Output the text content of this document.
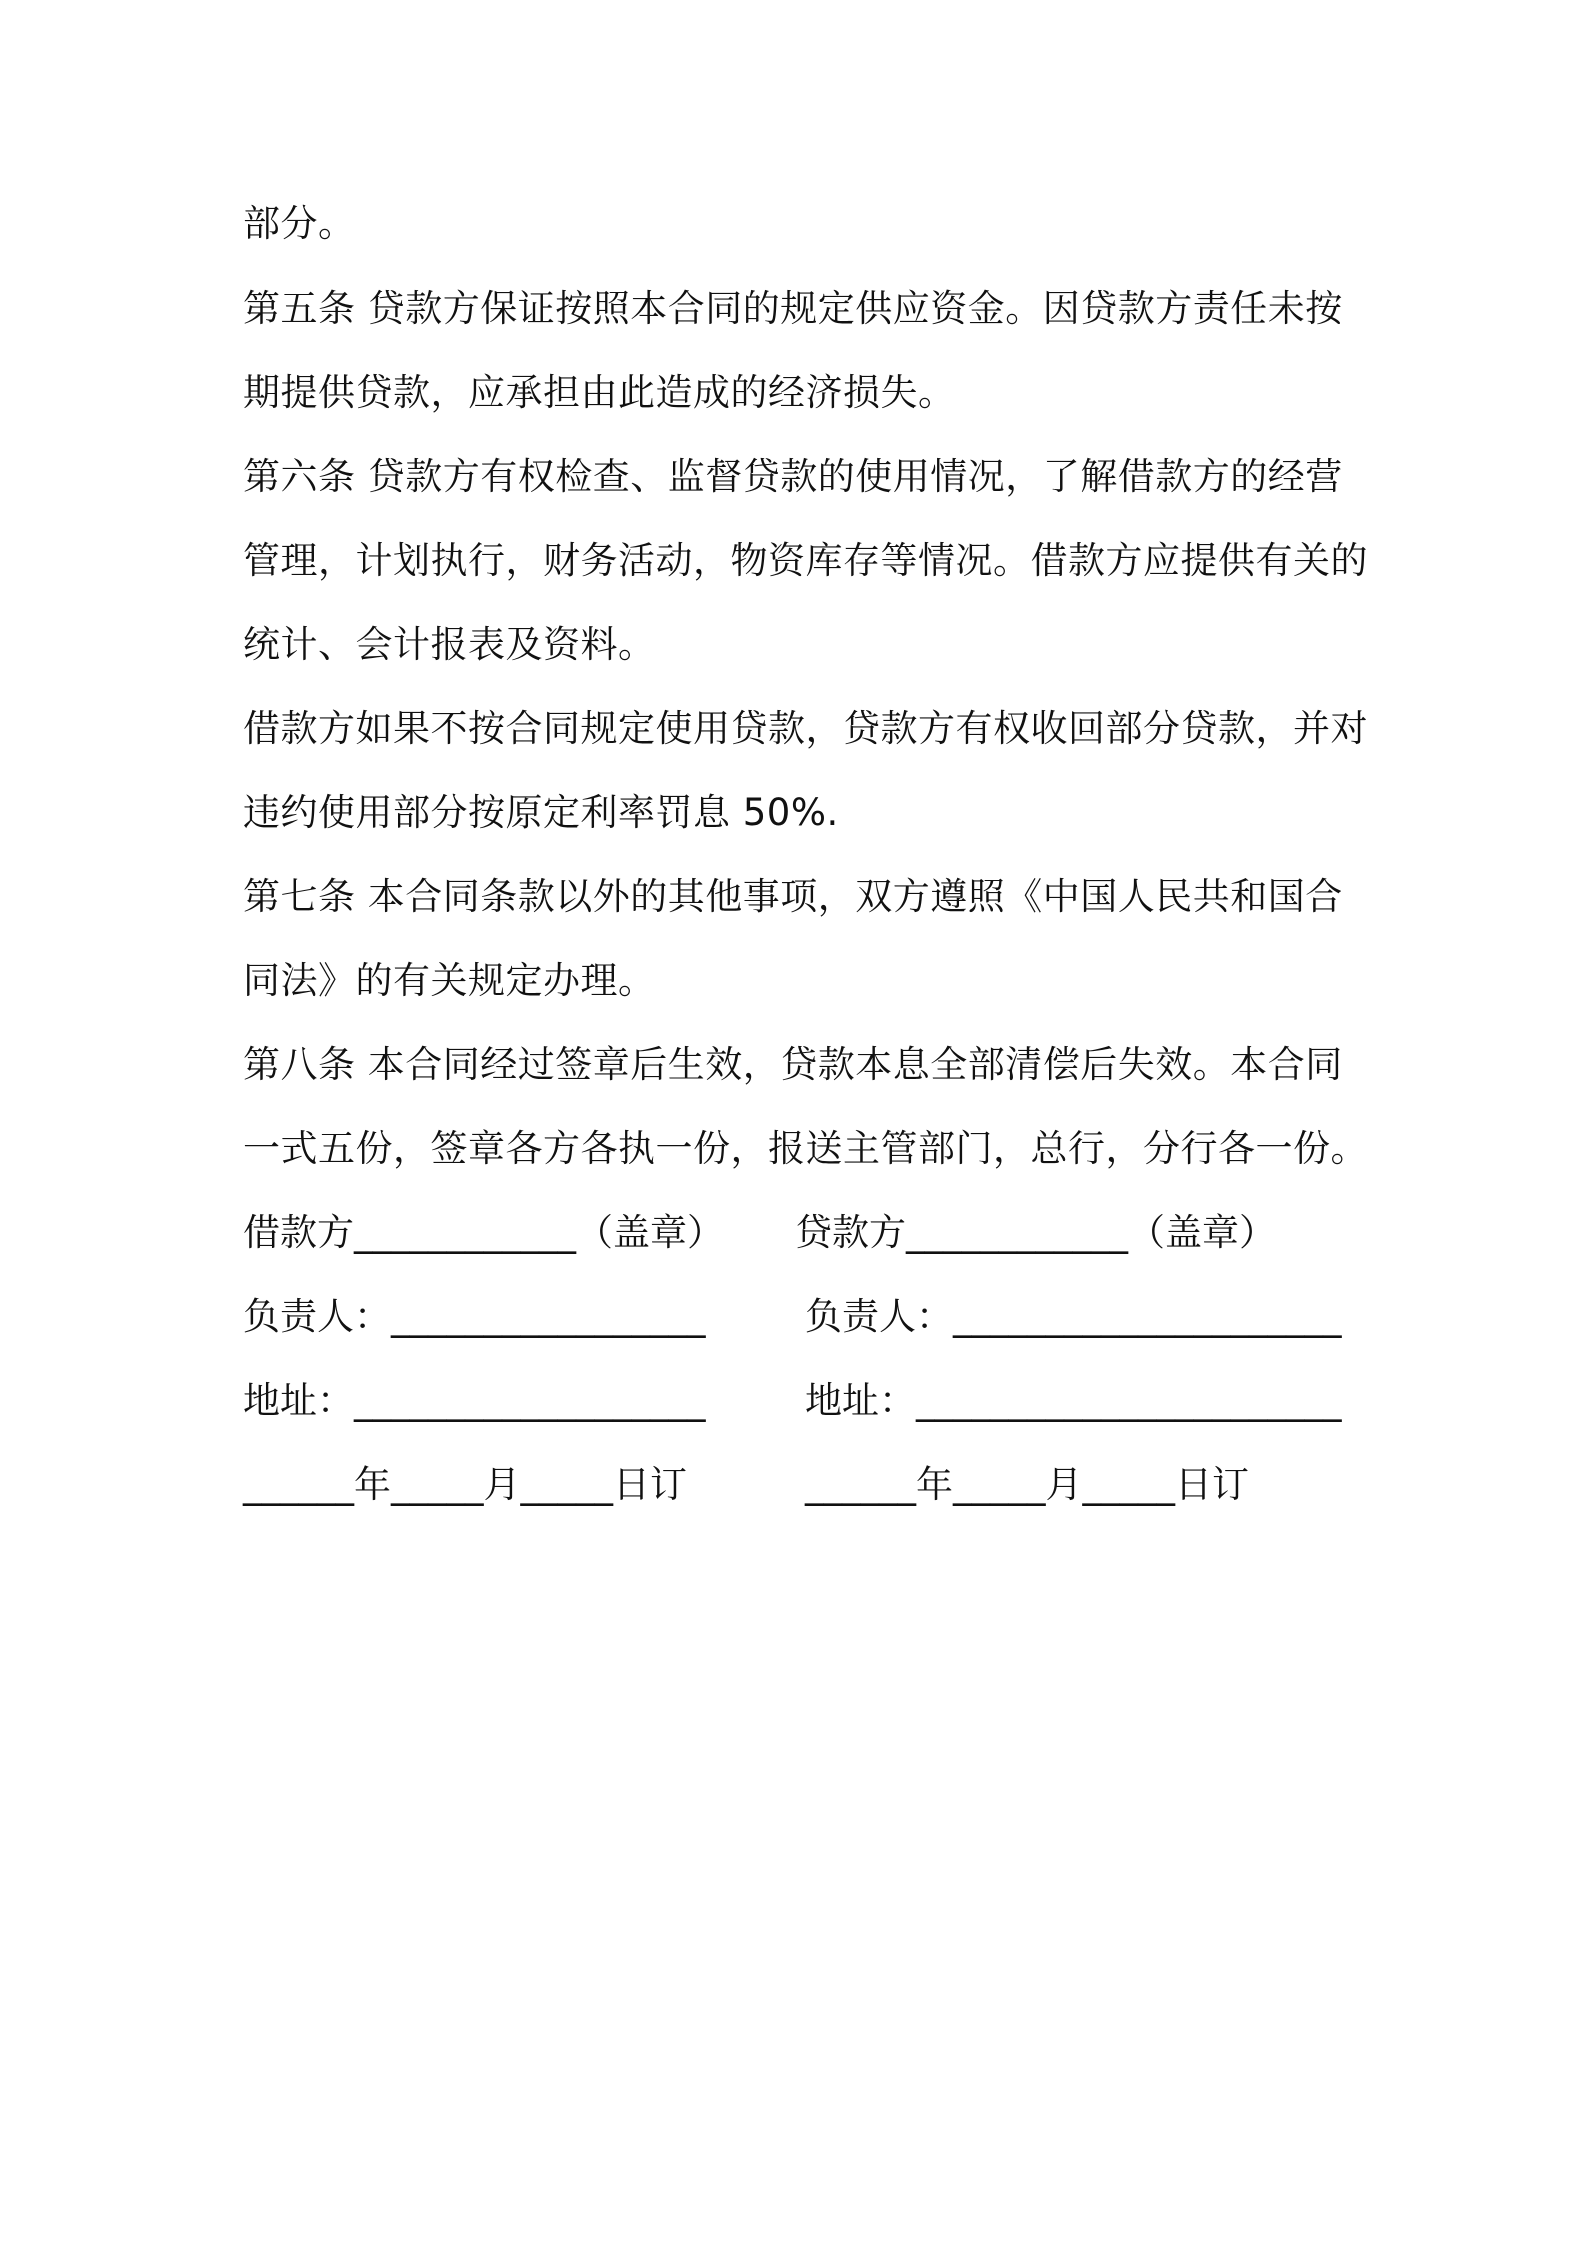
部分。
第五条 贷款方保证按照本合同的规定供应资金。因贷款方责任未按
期提供贷款，应承担由此造成的经济损失。
第六条 贷款方有权检查、监督贷款的使用情况，了解借款方的经营
管理，计划执行，财务活动，物资库存等情况。借款方应提供有关的
统计、会计报表及资料。
借款方如果不按合同规定使用贷款，贷款方有权收回部分贷款，并对
违约使用部分按原定利率罚息 50%.
第七条 本合同条款以外的其他事项，双方遵照《中国人民共和国合
同法》的有关规定办理。
第八条 本合同经过签章后生效，贷款本息全部清偿后失效。本合同
一式五份，签章各方各执一份，报送主管部门，总行，分行各一份。
借款方____________（盖章） 贷款方____________（盖章）
负责人：_________________	负责人：_____________________
地址：___________________	地址：_______________________
______年_____月_____日订	______年_____月_____日订
